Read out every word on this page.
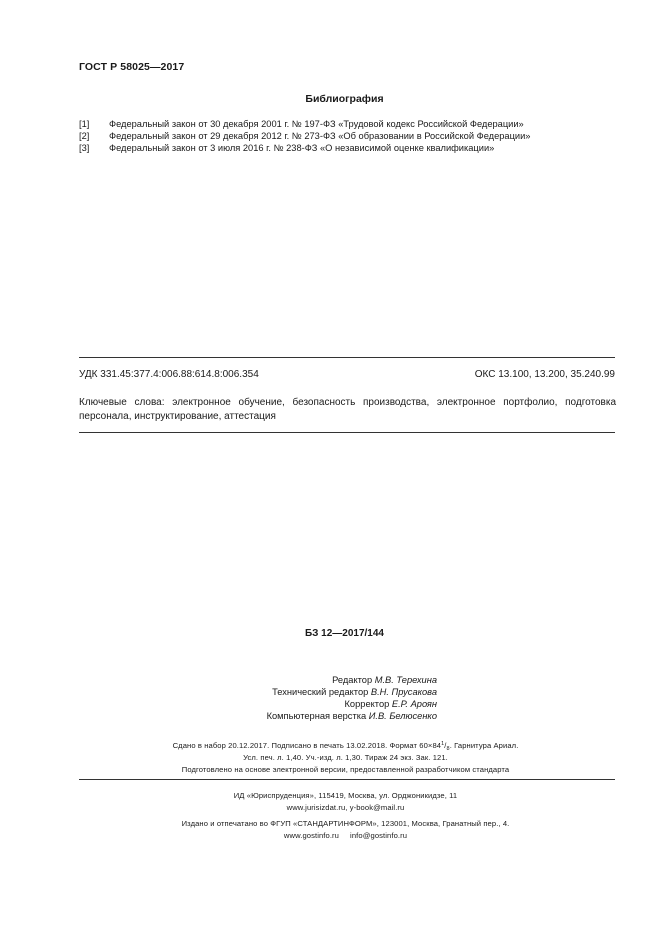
ГОСТ Р 58025—2017
Библиография
[1] Федеральный закон от 30 декабря 2001 г. № 197-ФЗ «Трудовой кодекс Российской Федерации»
[2] Федеральный закон от 29 декабря 2012 г. № 273-ФЗ «Об образовании в Российской Федерации»
[3] Федеральный закон от 3 июля 2016 г. № 238-ФЗ «О независимой оценке квалификации»
УДК 331.45:377.4:006.88:614.8:006.354	ОКС 13.100, 13.200, 35.240.99
Ключевые слова: электронное обучение, безопасность производства, электронное портфолио, подготовка персонала, инструктирование, аттестация
БЗ 12—2017/144
Редактор М.В. Терехина
Технический редактор В.Н. Прусакова
Корректор Е.Р. Ароян
Компьютерная верстка И.В. Белюсенко
Сдано в набор 20.12.2017. Подписано в печать 13.02.2018. Формат $60\times 84^1/_8$. Гарнитура Ариал.
Усл. печ. л. 1,40. Уч.-изд. л. 1,30. Тираж 24 экз. Зак. 121.
Подготовлено на основе электронной версии, предоставленной разработчиком стандарта
ИД «Юриспруденция», 115419, Москва, ул. Орджоникидзе, 11
www.jurisizdat.ru, y-book@mail.ru
Издано и отпечатано во ФГУП «СТАНДАРТИНФОРМ», 123001, Москва, Гранатный пер., 4.
www.gostinfo.ru     info@gostinfo.ru
